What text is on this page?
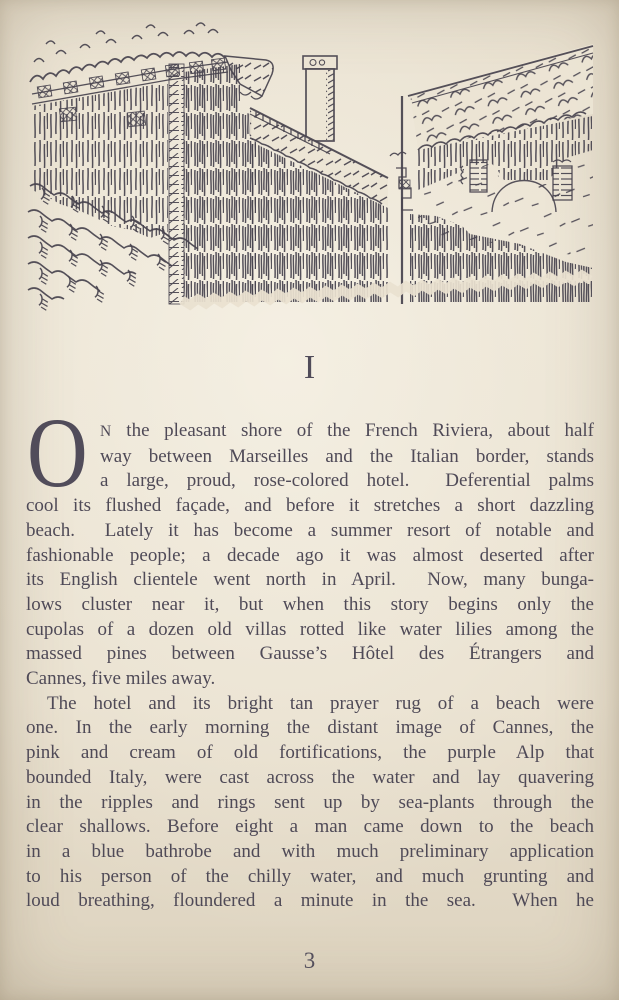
I
O N the pleasant shore of the French Riviera, about half
way between Marseilles and the Italian border, stands
a large, proud, rose-colored hotel.  Deferential palms
cool its flushed façade, and before it stretches a short dazzling
beach.  Lately it has become a summer resort of notable and
fashionable people; a decade ago it was almost deserted after
its English clientele went north in April.  Now, many bunga-
lows cluster near it, but when this story begins only the
cupolas of a dozen old villas rotted like water lilies among the
massed pines between Gausse’s Hôtel des Étrangers and
Cannes, five miles away.
The hotel and its bright tan prayer rug of a beach were
one. In the early morning the distant image of Cannes, the
pink and cream of old fortifications, the purple Alp that
bounded Italy, were cast across the water and lay quavering
in the ripples and rings sent up by sea-plants through the
clear shallows. Before eight a man came down to the beach
in a blue bathrobe and with much preliminary application
to his person of the chilly water, and much grunting and
loud breathing, floundered a minute in the sea.  When he
3
